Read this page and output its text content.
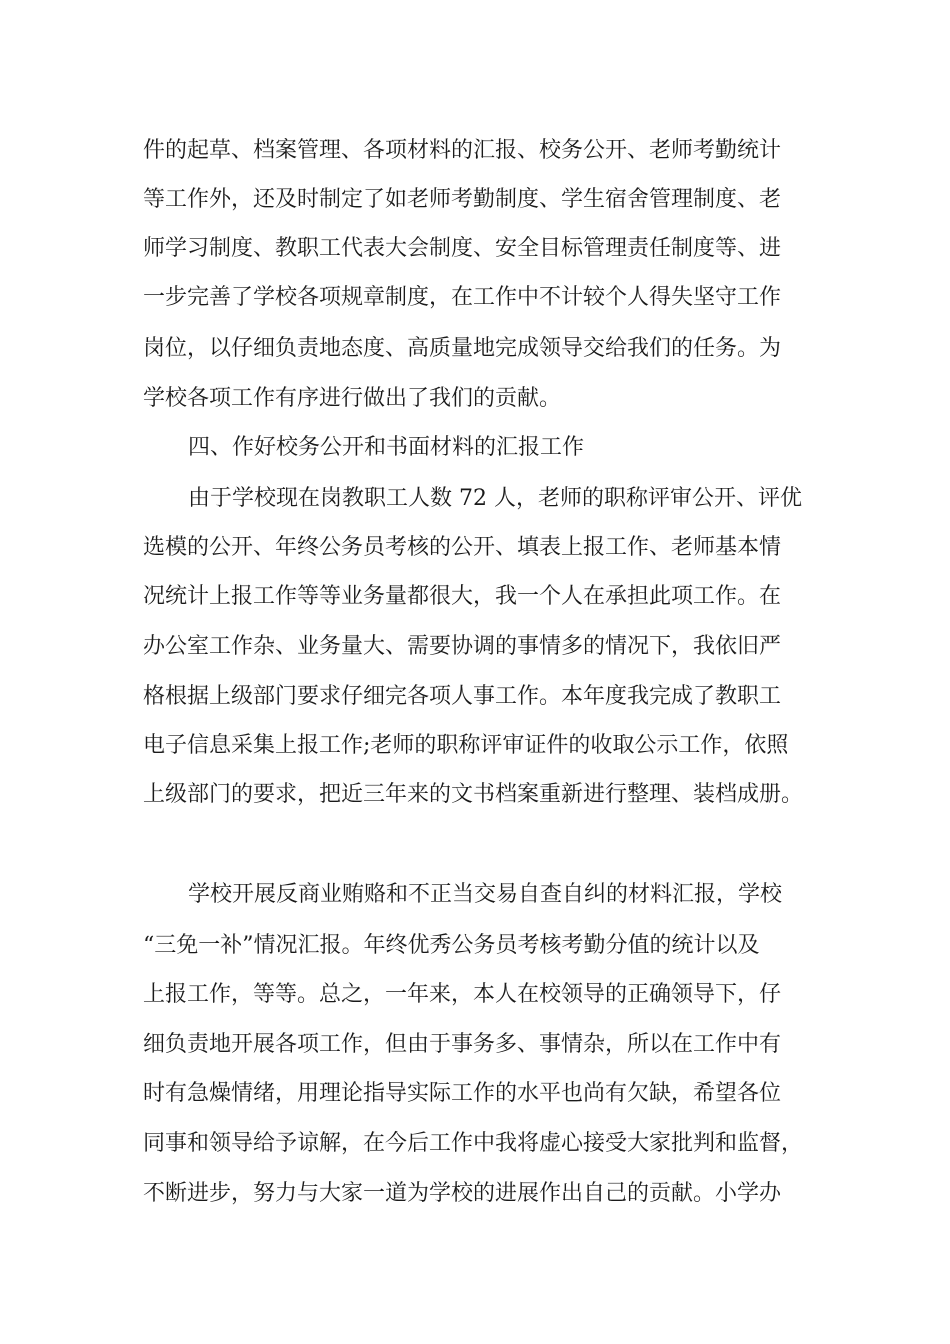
件的起草、档案管理、各项材料的汇报、校务公开、老师考勤统计
等工作外，还及时制定了如老师考勤制度、学生宿舍管理制度、老
师学习制度、教职工代表大会制度、安全目标管理责任制度等、进
一步完善了学校各项规章制度，在工作中不计较个人得失坚守工作
岗位，以仔细负责地态度、高质量地完成领导交给我们的任务。为
学校各项工作有序进行做出了我们的贡献。
四、作好校务公开和书面材料的汇报工作
由于学校现在岗教职工人数 72 人，老师的职称评审公开、评优
选模的公开、年终公务员考核的公开、填表上报工作、老师基本情
况统计上报工作等等业务量都很大，我一个人在承担此项工作。在
办公室工作杂、业务量大、需要协调的事情多的情况下，我依旧严
格根据上级部门要求仔细完各项人事工作。本年度我完成了教职工
电子信息采集上报工作;老师的职称评审证件的收取公示工作，依照
上级部门的要求，把近三年来的文书档案重新进行整理、装档成册。
学校开展反商业贿赂和不正当交易自查自纠的材料汇报，学校
“三免一补”情况汇报。年终优秀公务员考核考勤分值的统计以及
上报工作，等等。总之，一年来，本人在校领导的正确领导下，仔
细负责地开展各项工作，但由于事务多、事情杂，所以在工作中有
时有急燥情绪，用理论指导实际工作的水平也尚有欠缺，希望各位
同事和领导给予谅解，在今后工作中我将虚心接受大家批判和监督，
不断进步，努力与大家一道为学校的进展作出自己的贡献。小学办
